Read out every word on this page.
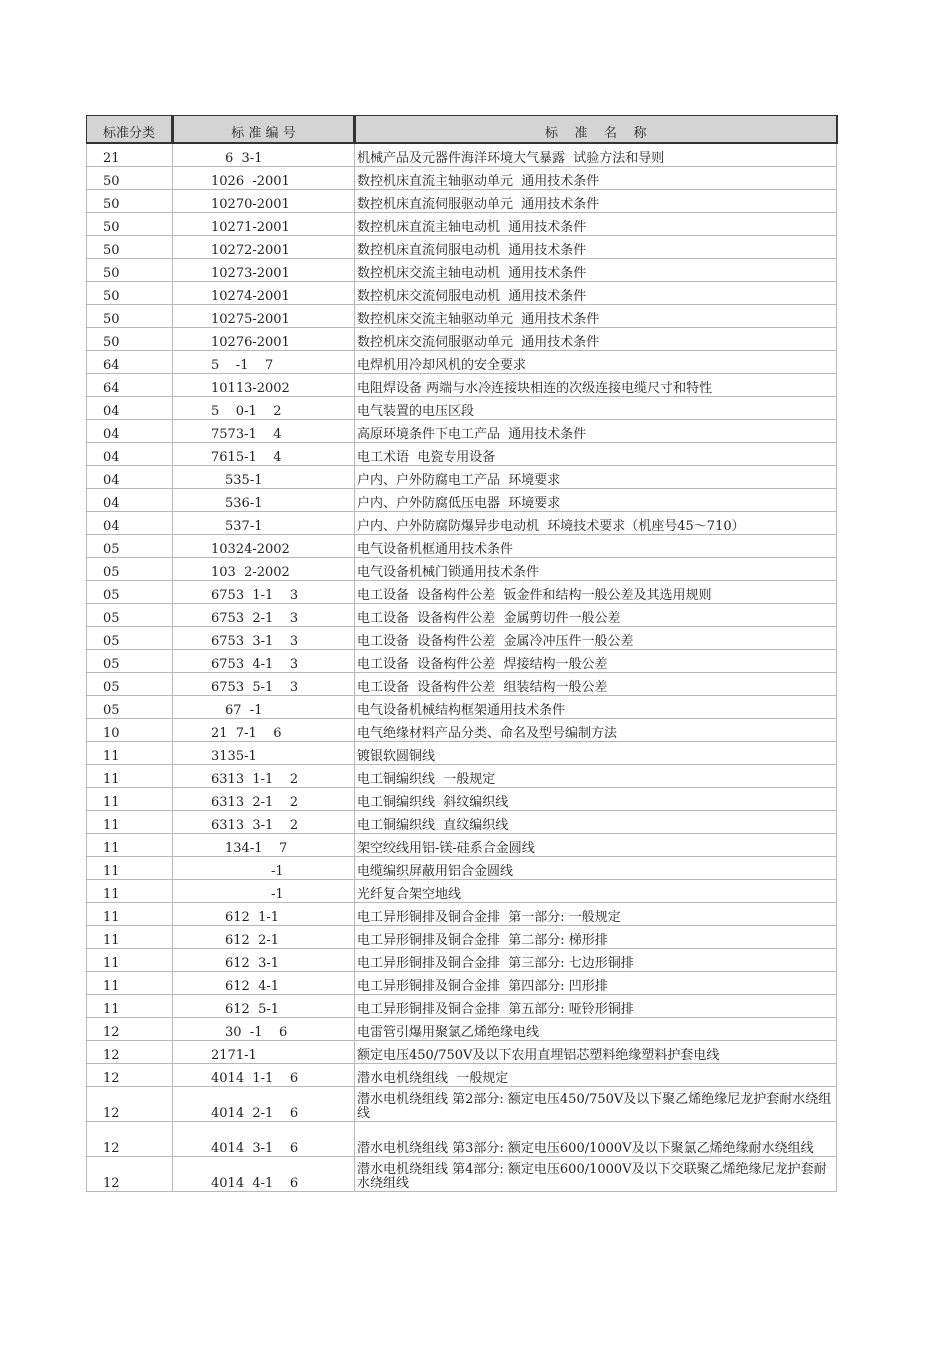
标准分类	标 准 编 号	标    准    名    称
21	6  3-1	机械产品及元器件海洋环境大气暴露  试验方法和导则
50	1026  -2001	数控机床直流主轴驱动单元  通用技术条件
50	10270-2001	数控机床直流伺服驱动单元  通用技术条件
50	10271-2001	数控机床直流主轴电动机  通用技术条件
50	10272-2001	数控机床直流伺服电动机  通用技术条件
50	10273-2001	数控机床交流主轴电动机  通用技术条件
50	10274-2001	数控机床交流伺服电动机  通用技术条件
50	10275-2001	数控机床交流主轴驱动单元  通用技术条件
50	10276-2001	数控机床交流伺服驱动单元  通用技术条件
64	5    -1    7	电焊机用冷却风机的安全要求
64	10113-2002	电阻焊设备 两端与水冷连接块相连的次级连接电缆尺寸和特性
04	5    0-1    2	电气装置的电压区段
04	7573-1    4	高原环境条件下电工产品  通用技术条件
04	7615-1    4	电工术语  电瓷专用设备
04	535-1	户内、户外防腐电工产品  环境要求
04	536-1	户内、户外防腐低压电器  环境要求
04	537-1	户内、户外防腐防爆异步电动机  环境技术要求（机座号45～710）
05	10324-2002	电气设备机框通用技术条件
05	103  2-2002	电气设备机械门锁通用技术条件
05	6753  1-1    3	电工设备  设备构件公差  钣金件和结构一般公差及其选用规则
05	6753  2-1    3	电工设备  设备构件公差  金属剪切件一般公差
05	6753  3-1    3	电工设备  设备构件公差  金属冷冲压件一般公差
05	6753  4-1    3	电工设备  设备构件公差  焊接结构一般公差
05	6753  5-1    3	电工设备  设备构件公差  组装结构一般公差
05	67  -1	电气设备机械结构框架通用技术条件
10	21  7-1    6	电气绝缘材料产品分类、命名及型号编制方法
11	3135-1	镀银软圆铜线
11	6313  1-1    2	电工铜编织线  一般规定
11	6313  2-1    2	电工铜编织线  斜纹编织线
11	6313  3-1    2	电工铜编织线  直纹编织线
11	134-1    7	架空绞线用铝-镁-硅系合金圆线
11	-1	电缆编织屏蔽用铝合金圆线
11	-1	光纤复合架空地线
11	612  1-1	电工异形铜排及铜合金排  第一部分: 一般规定
11	612  2-1	电工异形铜排及铜合金排  第二部分: 梯形排
11	612  3-1	电工异形铜排及铜合金排  第三部分: 七边形铜排
11	612  4-1	电工异形铜排及铜合金排  第四部分: 凹形排
11	612  5-1	电工异形铜排及铜合金排  第五部分: 哑铃形铜排
12	30  -1    6	电雷管引爆用聚氯乙烯绝缘电线
12	2171-1	额定电压450/750V及以下农用直埋铝芯塑料绝缘塑料护套电线
12	4014  1-1    6	潜水电机绕组线  一般规定
12	4014  2-1    6	潜水电机绕组线 第2部分: 额定电压450/750V及以下聚乙烯绝缘尼龙护套耐水绕组线
12	4014  3-1    6	潜水电机绕组线 第3部分: 额定电压600/1000V及以下聚氯乙烯绝缘耐水绕组线
12	4014  4-1    6	潜水电机绕组线 第4部分: 额定电压600/1000V及以下交联聚乙烯绝缘尼龙护套耐水绕组线
